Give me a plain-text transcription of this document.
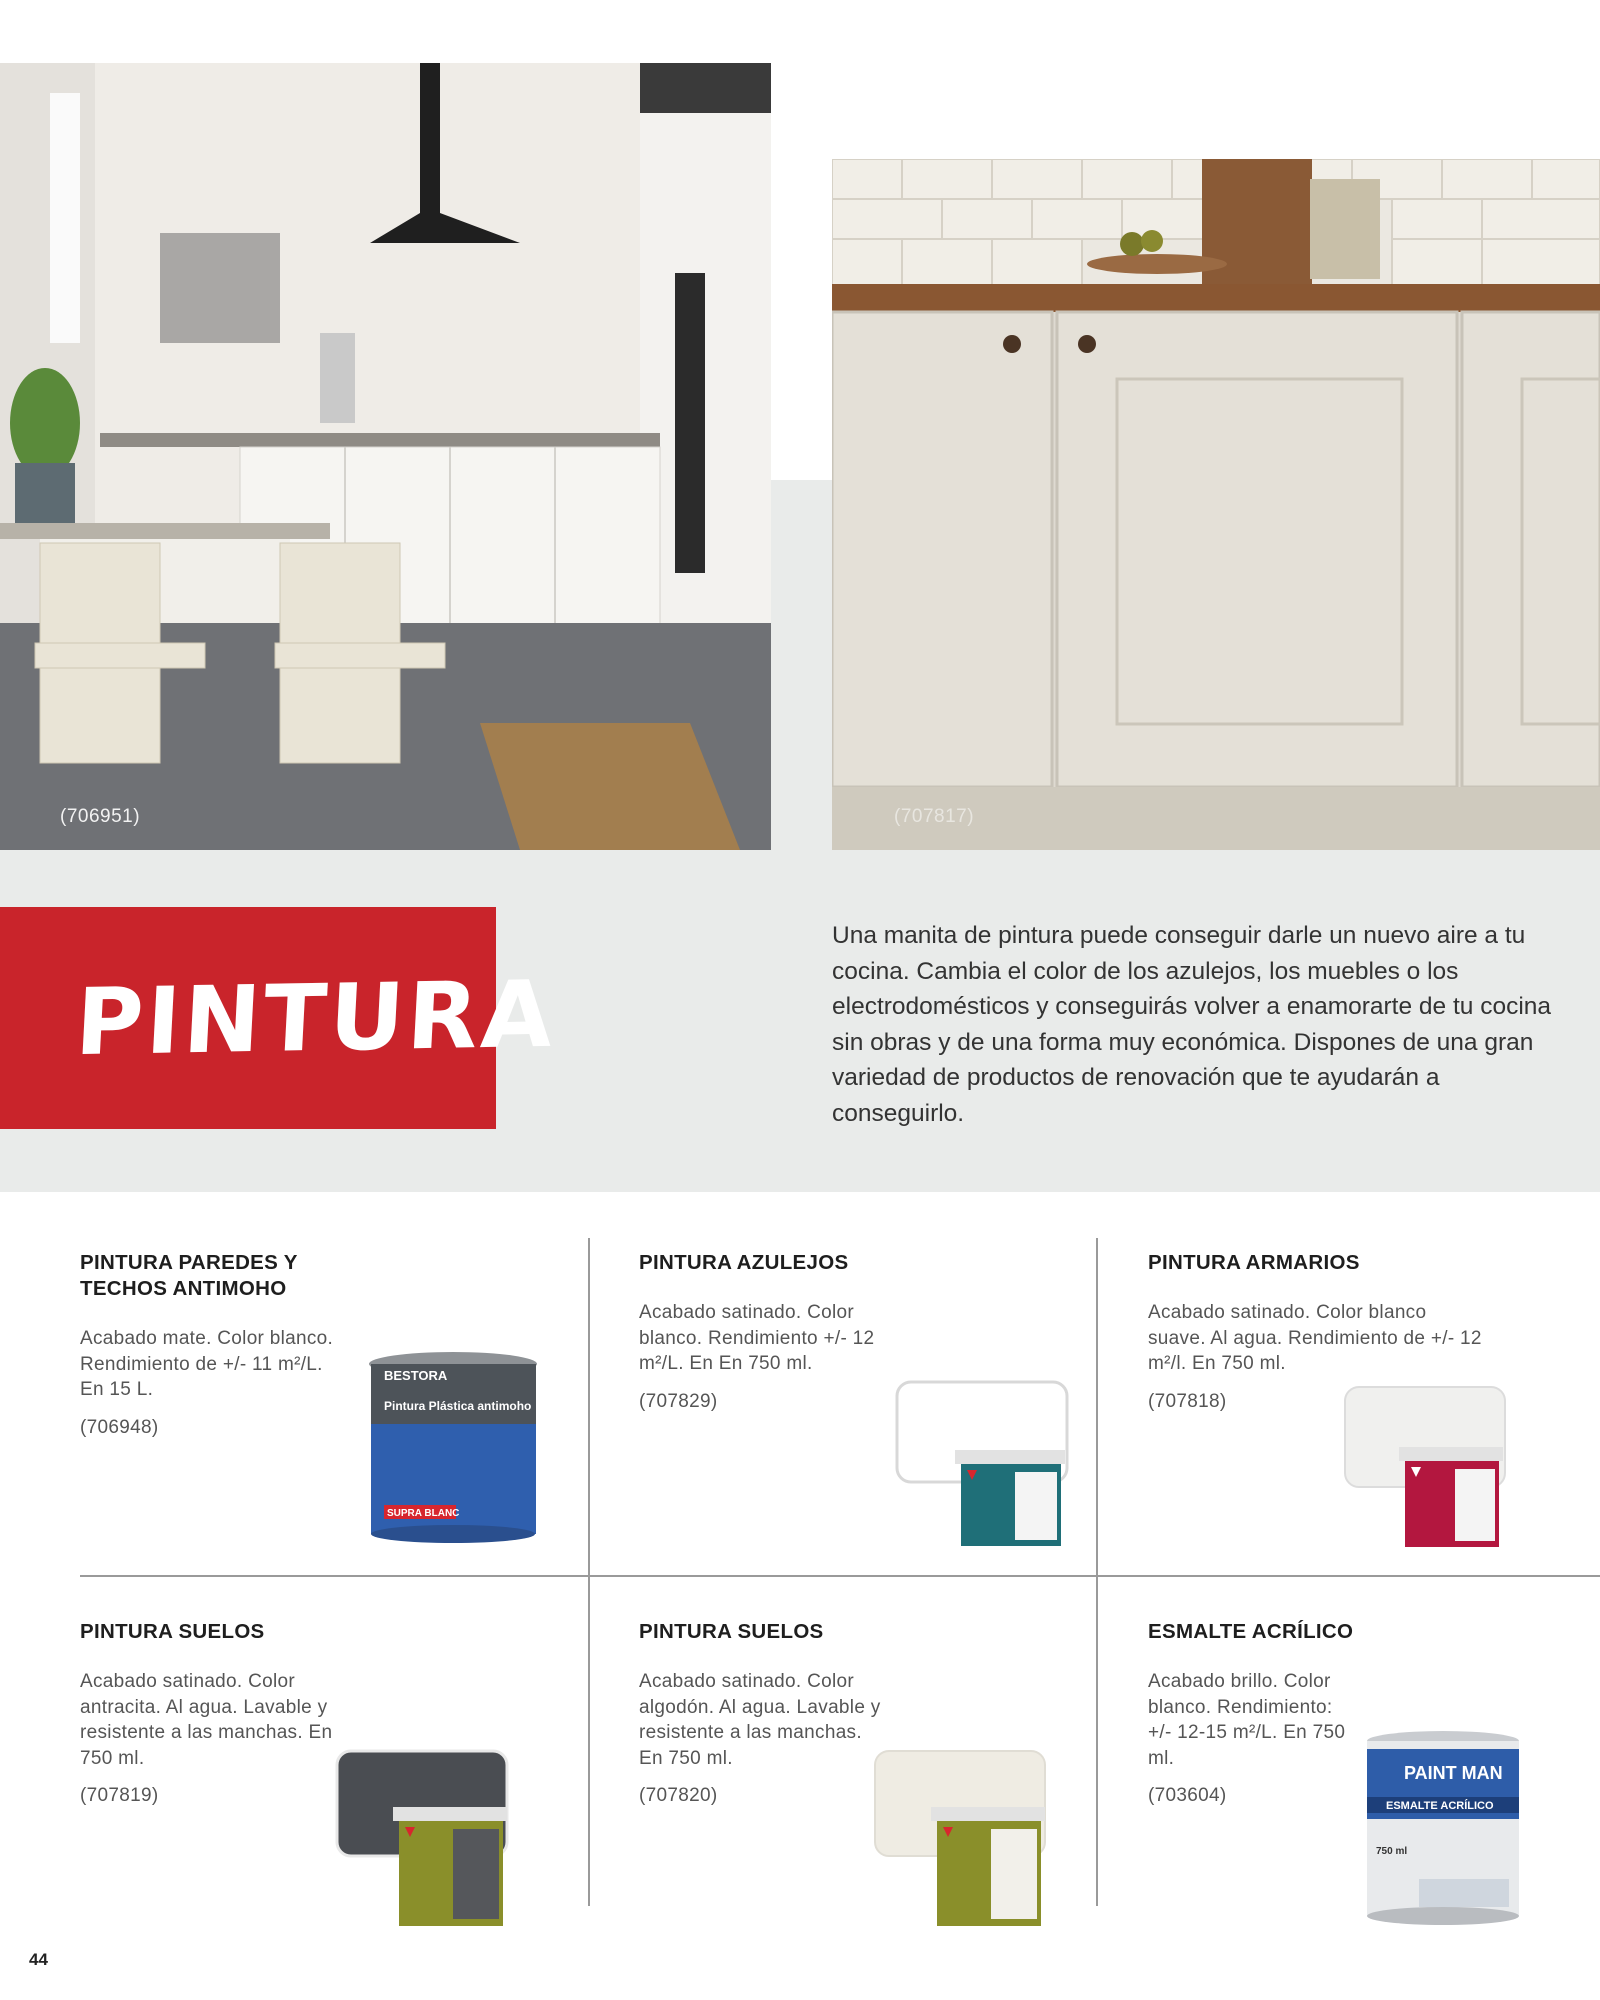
(706951)	(707817)
PINTURA

Una manita de pintura puede conseguir darle un nuevo aire a tu cocina. Cambia el color de los azulejos, los muebles o los electrodomésticos y conseguirás volver a enamorarte de tu cocina sin obras y de una forma muy económica. Dispones de una gran variedad de productos de renovación que te ayudarán a conseguirlo.

PINTURA PAREDES Y TECHOS ANTIMOHO
Acabado mate. Color blanco. Rendimiento de +/- 11 m²/L. En 15 L.
(706948)
BESTORA
Pintura Plástica antimoho
SUPRA BLANC
PINTURA AZULEJOS
Acabado satinado. Color blanco. Rendimiento +/- 12 m²/L. En En 750 ml.
(707829)
PINTURA ARMARIOS
Acabado satinado. Color blanco suave. Al agua. Rendimiento de +/- 12 m²/l. En 750 ml.
(707818)
PINTURA SUELOS
Acabado satinado. Color antracita. Al agua. Lavable y resistente a las manchas. En 750 ml.
(707819)
PINTURA SUELOS
Acabado satinado. Color algodón. Al agua. Lavable y resistente a las manchas. En 750 ml.
(707820)
ESMALTE ACRÍLICO
Acabado brillo. Color blanco. Rendimiento: +/- 12-15 m²/L. En 750 ml.
(703604)
PAINT MAN
ESMALTE ACRÍLICO
750 ml
44
